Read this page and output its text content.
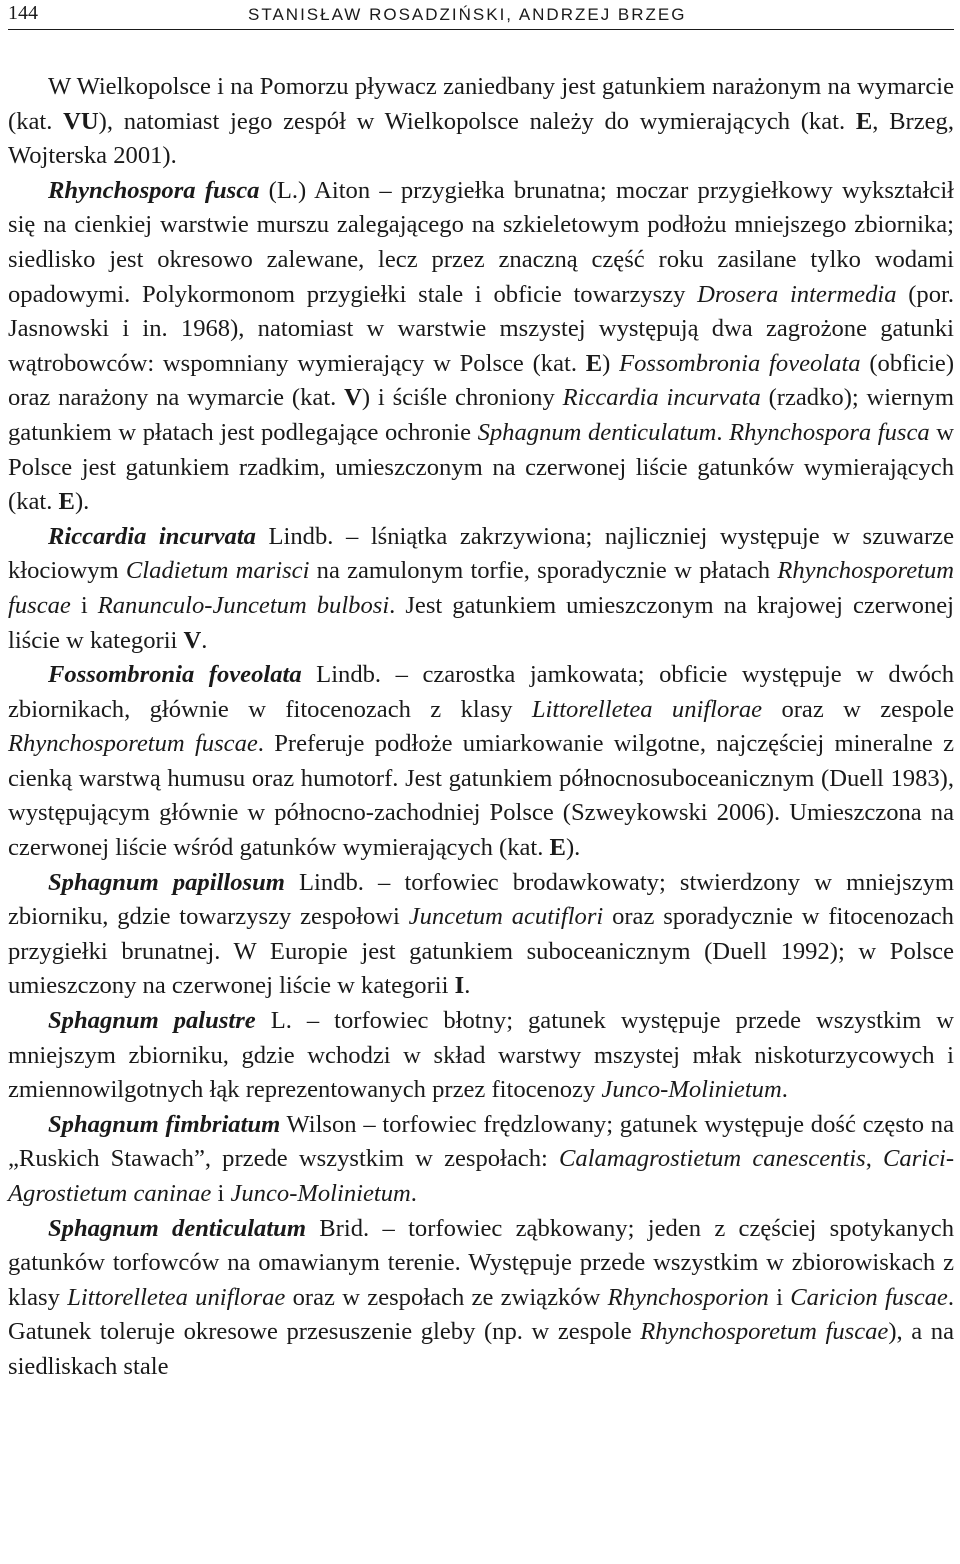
144	STANISŁAW ROSADZIŃSKI, ANDRZEJ BRZEG

W Wielkopolsce i na Pomorzu pływacz zaniedbany jest gatunkiem narażonym na wymarcie (kat. VU), natomiast jego zespół w Wielkopolsce należy do wymierających (kat. E, Brzeg, Wojterska 2001).

Rhynchospora fusca (L.) Aiton – przygiełka brunatna; moczar przygiełkowy wykształcił się na cienkiej warstwie murszu zalegającego na szkieletowym podłożu mniejszego zbiornika; siedlisko jest okresowo zalewane, lecz przez znaczną część roku zasilane tylko wodami opadowymi. Polykormonom przygiełki stale i obficie towarzyszy Drosera intermedia (por. Jasnowski i in. 1968), natomiast w warstwie mszystej występują dwa zagrożone gatunki wątrobowców: wspomniany wymierający w Polsce (kat. E) Fossombronia foveolata (obficie) oraz narażony na wymarcie (kat. V) i ściśle chroniony Riccardia incurvata (rzadko); wiernym gatunkiem w płatach jest podlegające ochronie Sphagnum denticulatum. Rhynchospora fusca w Polsce jest gatunkiem rzadkim, umieszczonym na czerwonej liście gatunków wymierających (kat. E).

Riccardia incurvata Lindb. – lśniątka zakrzywiona; najliczniej występuje w szuwarze kłociowym Cladietum marisci na zamulonym torfie, sporadycznie w płatach Rhynchosporetum fuscae i Ranunculo-Juncetum bulbosi. Jest gatunkiem umieszczonym na krajowej czerwonej liście w kategorii V.

Fossombronia foveolata Lindb. – czarostka jamkowata; obficie występuje w dwóch zbiornikach, głównie w fitocenozach z klasy Littorelletea uniflorae oraz w zespole Rhynchosporetum fuscae. Preferuje podłoże umiarkowanie wilgotne, najczęściej mineralne z cienką warstwą humusu oraz humotorf. Jest gatunkiem północnosuboceanicznym (Duell 1983), występującym głównie w północno-zachodniej Polsce (Szweykowski 2006). Umieszczona na czerwonej liście wśród gatunków wymierających (kat. E).

Sphagnum papillosum Lindb. – torfowiec brodawkowaty; stwierdzony w mniejszym zbiorniku, gdzie towarzyszy zespołowi Juncetum acutiflori oraz sporadycznie w fitocenozach przygiełki brunatnej. W Europie jest gatunkiem suboceanicznym (Duell 1992); w Polsce umieszczony na czerwonej liście w kategorii I.

Sphagnum palustre L. – torfowiec błotny; gatunek występuje przede wszystkim w mniejszym zbiorniku, gdzie wchodzi w skład warstwy mszystej młak niskoturzycowych i zmiennowilgotnych łąk reprezentowanych przez fitocenozy Junco-Molinietum.

Sphagnum fimbriatum Wilson – torfowiec frędzlowany; gatunek występuje dość często na „Ruskich Stawach”, przede wszystkim w zespołach: Calamagrostietum canescentis, Carici-Agrostietum caninae i Junco-Molinietum.

Sphagnum denticulatum Brid. – torfowiec ząbkowany; jeden z częściej spotykanych gatunków torfowców na omawianym terenie. Występuje przede wszystkim w zbiorowiskach z klasy Littorelletea uniflorae oraz w zespołach ze związków Rhynchosporion i Caricion fuscae. Gatunek toleruje okresowe przesuszenie gleby (np. w zespole Rhynchosporetum fuscae), a na siedliskach stale
